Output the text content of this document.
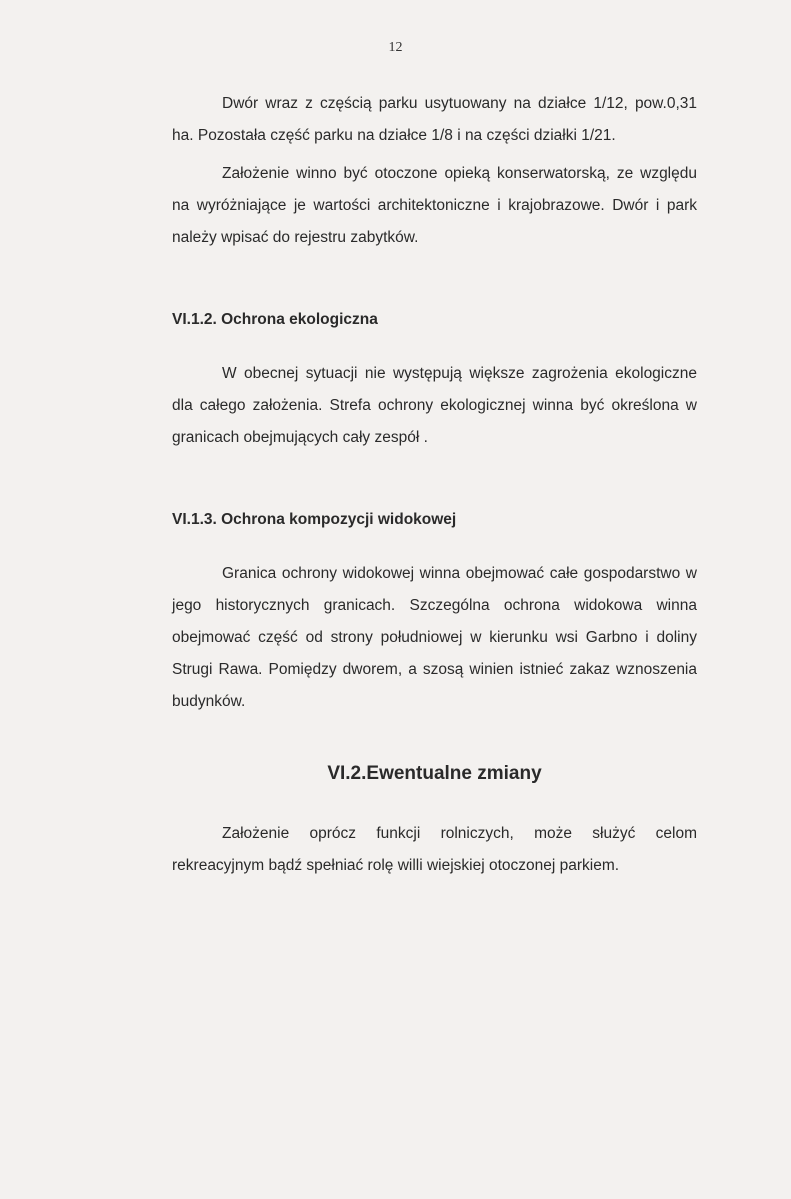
12

Dwór wraz z częścią parku usytuowany na działce 1/12, pow.0,31 ha. Pozostała część parku na działce 1/8 i na części działki 1/21.

Założenie winno być otoczone opieką konserwatorską, ze względu na wyróżniające je wartości architektoniczne i krajobrazowe. Dwór i park należy wpisać do rejestru zabytków.

VI.1.2. Ochrona ekologiczna

W obecnej sytuacji nie występują większe zagrożenia ekologiczne dla całego założenia. Strefa ochrony ekologicznej winna być określona w granicach obejmujących cały zespół .

VI.1.3. Ochrona kompozycji widokowej

Granica ochrony widokowej winna obejmować całe gospodarstwo w jego historycznych granicach. Szczególna ochrona widokowa winna obejmować część od strony południowej w kierunku wsi Garbno i doliny Strugi Rawa. Pomiędzy dworem, a szosą winien istnieć zakaz wznoszenia budynków.

VI.2.Ewentualne zmiany

Założenie oprócz funkcji rolniczych, może służyć celom rekreacyjnym bądź spełniać rolę willi wiejskiej otoczonej parkiem.
